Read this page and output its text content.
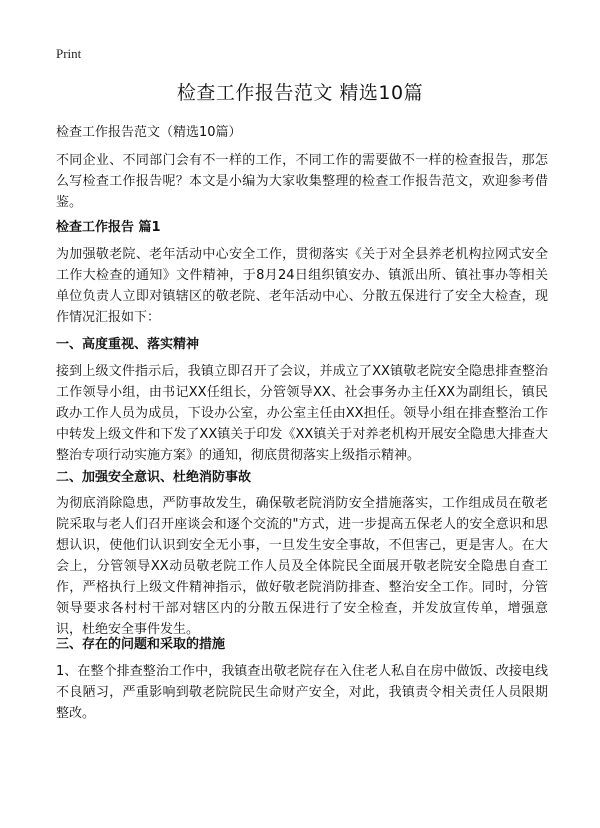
Print
检查工作报告范文 精选10篇

检查工作报告范文（精选10篇）

不同企业、不同部门会有不一样的工作，不同工作的需要做不一样的检查报告，那怎么写检查工作报告呢？本文是小编为大家收集整理的检查工作报告范文，欢迎参考借鉴。

检查工作报告 篇1

为加强敬老院、老年活动中心安全工作，贯彻落实《关于对全县养老机构拉网式安全工作大检查的通知》文件精神，于8月24日组织镇安办、镇派出所、镇社事办等相关单位负责人立即对镇辖区的敬老院、老年活动中心、分散五保进行了安全大检查，现作情况汇报如下：

一、高度重视、落实精神

接到上级文件指示后，我镇立即召开了会议，并成立了XX镇敬老院安全隐患排查整治工作领导小组，由书记XX任组长，分管领导XX、社会事务办主任XX为副组长，镇民政办工作人员为成员，下设办公室，办公室主任由XX担任。领导小组在排查整治工作中转发上级文件和下发了XX镇关于印发《XX镇关于对养老机构开展安全隐患大排查大整治专项行动实施方案》的通知，彻底贯彻落实上级指示精神。

二、加强安全意识、杜绝消防事故

为彻底消除隐患，严防事故发生，确保敬老院消防安全措施落实，工作组成员在敬老院采取与老人们召开座谈会和逐个交流的"方式，进一步提高五保老人的安全意识和思想认识，使他们认识到安全无小事，一旦发生安全事故，不但害己，更是害人。在大会上，分管领导XX动员敬老院工作人员及全体院民全面展开敬老院安全隐患自查工作，严格执行上级文件精神指示，做好敬老院消防排查、整治安全工作。同时，分管领导要求各村村干部对辖区内的分散五保进行了安全检查，并发放宣传单，增强意识，杜绝安全事件发生。

三、存在的问题和采取的措施

1、在整个排查整治工作中，我镇查出敬老院存在入住老人私自在房中做饭、改接电线不良陋习，严重影响到敬老院院民生命财产安全，对此，我镇责令相关责任人员限期整改。
